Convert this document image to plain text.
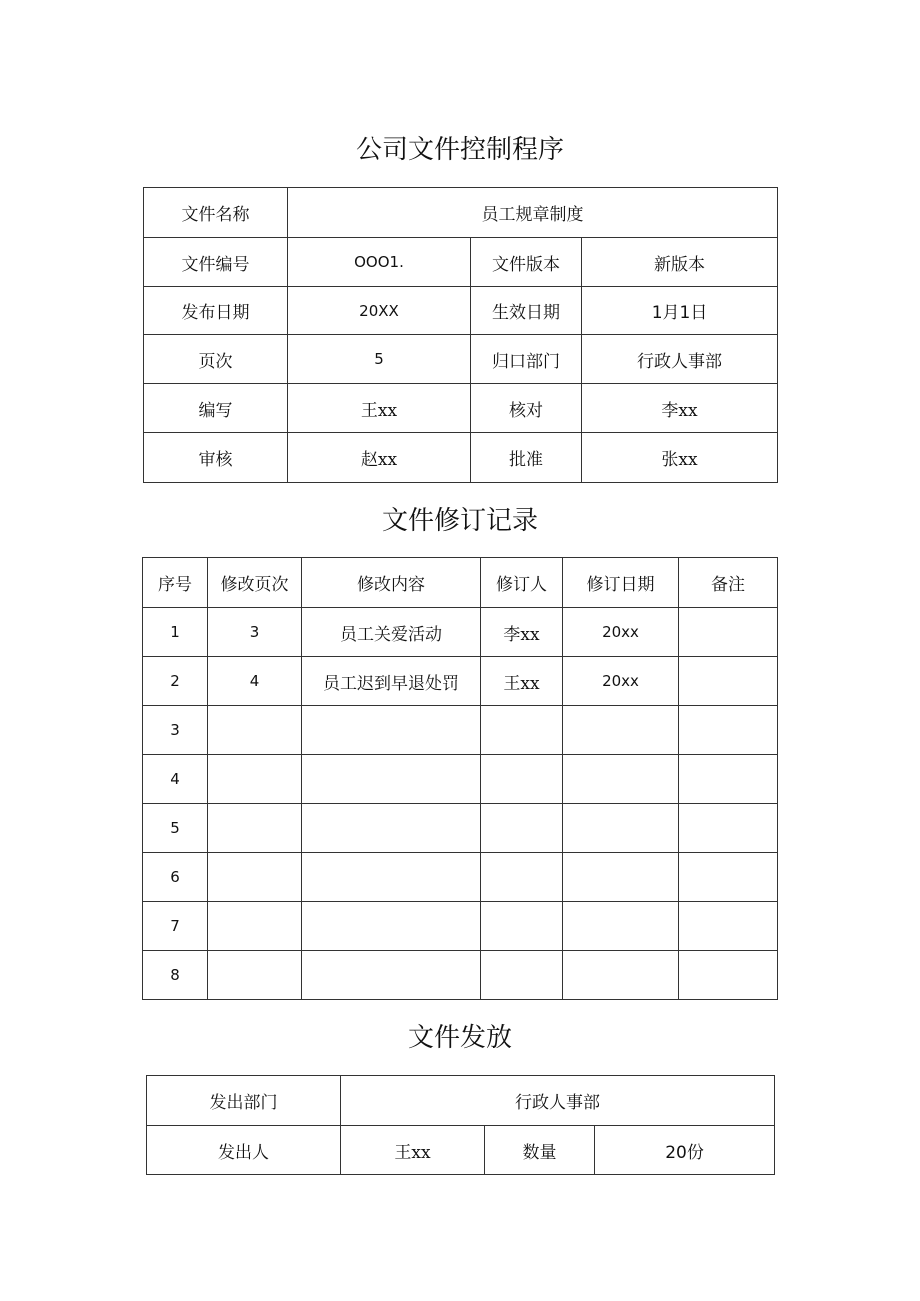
公司文件控制程序
文件名称	员工规章制度		
文件编号	OOO1.	文件版本	新版本
发布日期	20XX	生效日期	1月1日
页次	5	归口部门	行政人事部
编写	王xx	核对	李xx
审核	赵xx	批准	张xx
文件修订记录
序号	修改页次	修改内容	修订人	修订日期	备注
1	3	员工关爱活动	李xx	20xx	
2	4	员工迟到早退处罚	王xx	20xx	
3					
4					
5					
6					
7					
8					
文件发放
发出部门	行政人事部		
发出人	王xx	数量	20份
